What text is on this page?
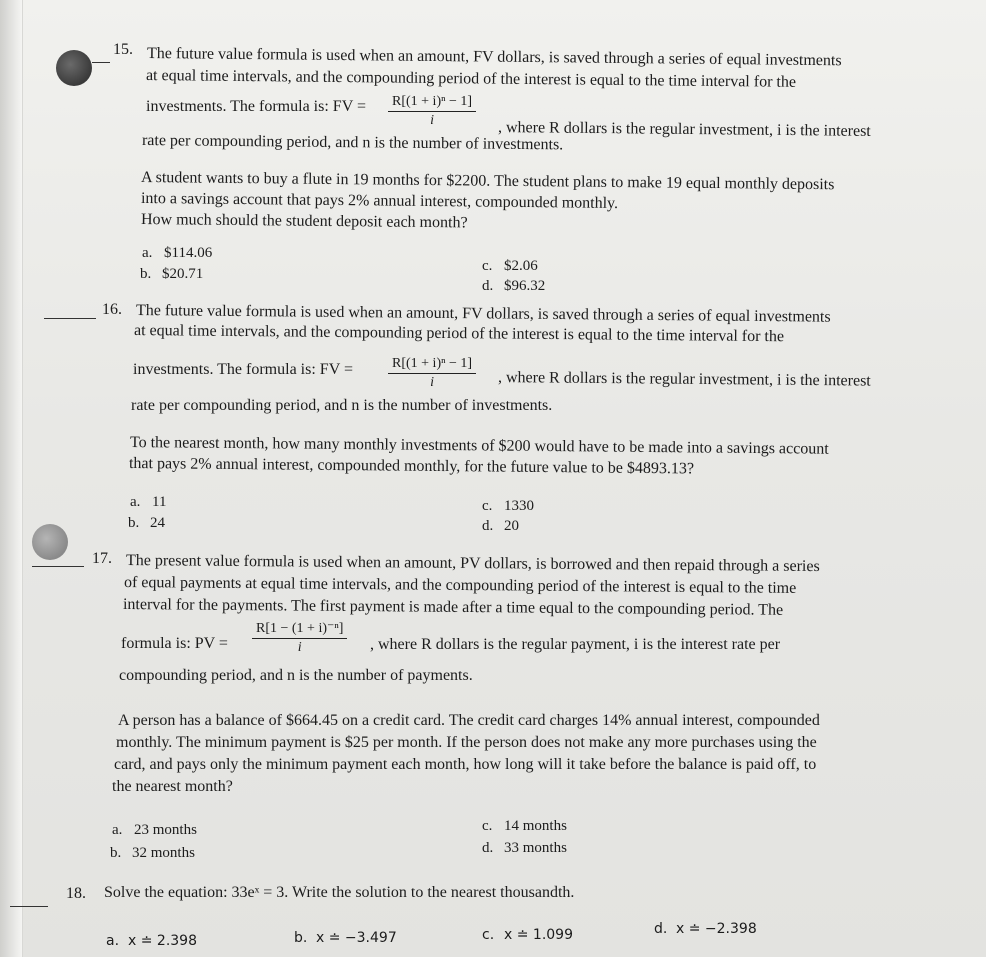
15. The future value formula is used when an amount, FV dollars, is saved through a series of equal investments
at equal time intervals, and the compounding period of the interest is equal to the time interval for the
investments. The formula is: FV = $\frac{\text{R[(1 + i)ⁿ − 1]}}{i}$ , where R dollars is the regular investment, i is the interest
rate per compounding period, and n is the number of investments.
A student wants to buy a flute in 19 months for $2200. The student plans to make 19 equal monthly deposits
into a savings account that pays 2% annual interest, compounded monthly.
How much should the student deposit each month?
a. $114.06
b. $20.71	c. $2.06
d. $96.32
16. The future value formula is used when an amount, FV dollars, is saved through a series of equal investments
at equal time intervals, and the compounding period of the interest is equal to the time interval for the
investments. The formula is: FV =	$\frac{\text{R[(1 + i)ⁿ − 1]}}{i}$ , where R dollars is the regular investment, i is the interest
rate per compounding period, and n is the number of investments.
To the nearest month, how many monthly investments of $200 would have to be made into a savings account
that pays 2% annual interest, compounded monthly, for the future value to be $4893.13?
a. 11
b. 24
c. 1330
d. 20
17. The present value formula is used when an amount, PV dollars, is borrowed and then repaid through a series
of equal payments at equal time intervals, and the compounding period of the interest is equal to the time
interval for the payments. The first payment is made after a time equal to the compounding period. The
formula is: PV = $\frac{\text{R[1 − (1 + i)⁻ⁿ]}}{i}$ , where R dollars is the regular payment, i is the interest rate per
compounding period, and n is the number of payments.
A person has a balance of $664.45 on a credit card. The credit card charges 14% annual interest, compounded
monthly. The minimum payment is $25 per month. If the person does not make any more purchases using the
card, and pays only the minimum payment each month, how long will it take before the balance is paid off, to
the nearest month?
a. 23 months
b. 32 months
c. 14 months
d. 33 months
18. Solve the equation: 33eˣ = 3. Write the solution to the nearest thousandth.
a. x ≐ 2.398	b. x ≐ −3.497	c. x ≐ 1.099	d. x ≐ −2.398
